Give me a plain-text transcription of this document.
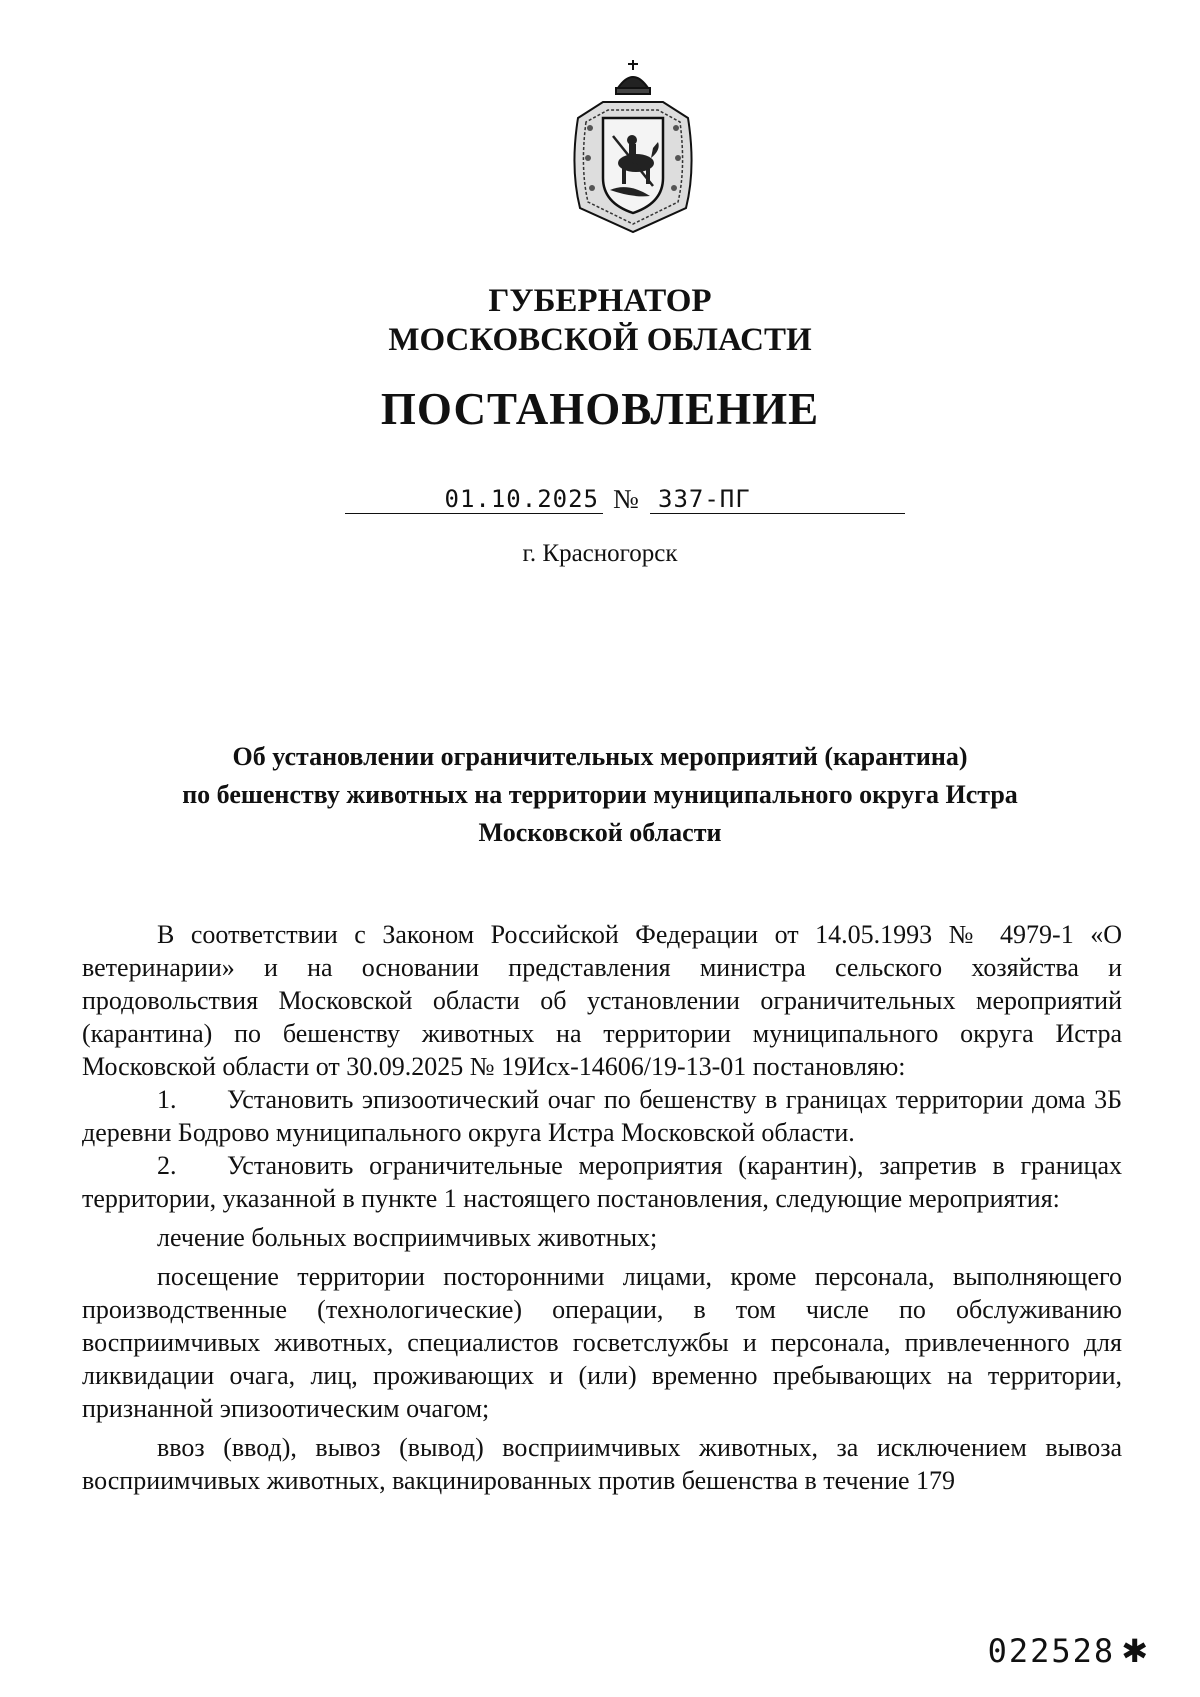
ГУБЕРНАТОР
МОСКОВСКОЙ ОБЛАСТИ
ПОСТАНОВЛЕНИЕ
01.10.2025 № 337-ПГ
г. Красногорск
Об установлении ограничительных мероприятий (карантина)
по бешенству животных на территории муниципального округа Истра
Московской области

В соответствии с Законом Российской Федерации от 14.05.1993 № 4979-1 «О ветеринарии» и на основании представления министра сельского хозяйства и продовольствия Московской области об установлении ограничительных мероприятий (карантина) по бешенству животных на территории муниципального округа Истра Московской области от 30.09.2025 № 19Исх-14606/19-13-01 постановляю:

1. Установить эпизоотический очаг по бешенству в границах территории дома 3Б деревни Бодрово муниципального округа Истра Московской области.

2. Установить ограничительные мероприятия (карантин), запретив в границах территории, указанной в пункте 1 настоящего постановления, следующие мероприятия:

лечение больных восприимчивых животных;

посещение территории посторонними лицами, кроме персонала, выполняющего производственные (технологические) операции, в том числе по обслуживанию восприимчивых животных, специалистов госветслужбы и персонала, привлеченного для ликвидации очага, лиц, проживающих и (или) временно пребывающих на территории, признанной эпизоотическим очагом;

ввоз (ввод), вывоз (вывод) восприимчивых животных, за исключением вывоза восприимчивых животных, вакцинированных против бешенства в течение 179

022528 ✱
